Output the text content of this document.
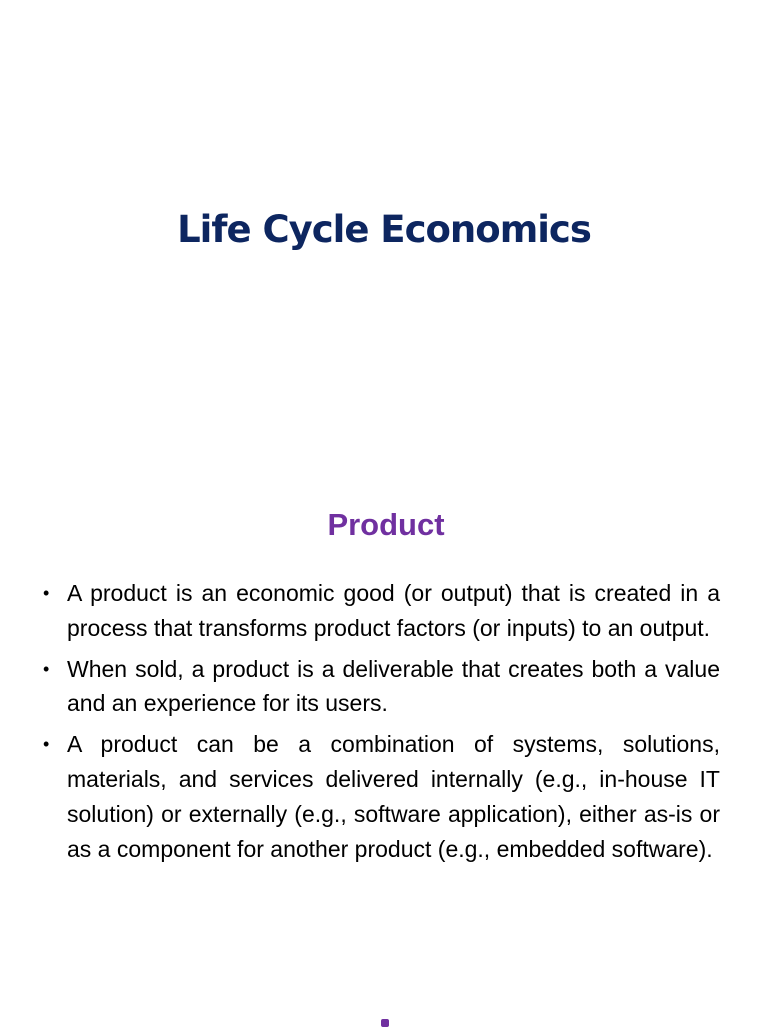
Life Cycle Economics
Product
• A product is an economic good (or output) that is created in a process that transforms product factors (or inputs) to an output.
• When sold, a product is a deliverable that creates both a value and an experience for its users.
• A product can be a combination of systems, solutions, materials, and services delivered internally (e.g., in-house IT solution) or externally (e.g., software application), either as-is or as a component for another product (e.g., embedded software).
